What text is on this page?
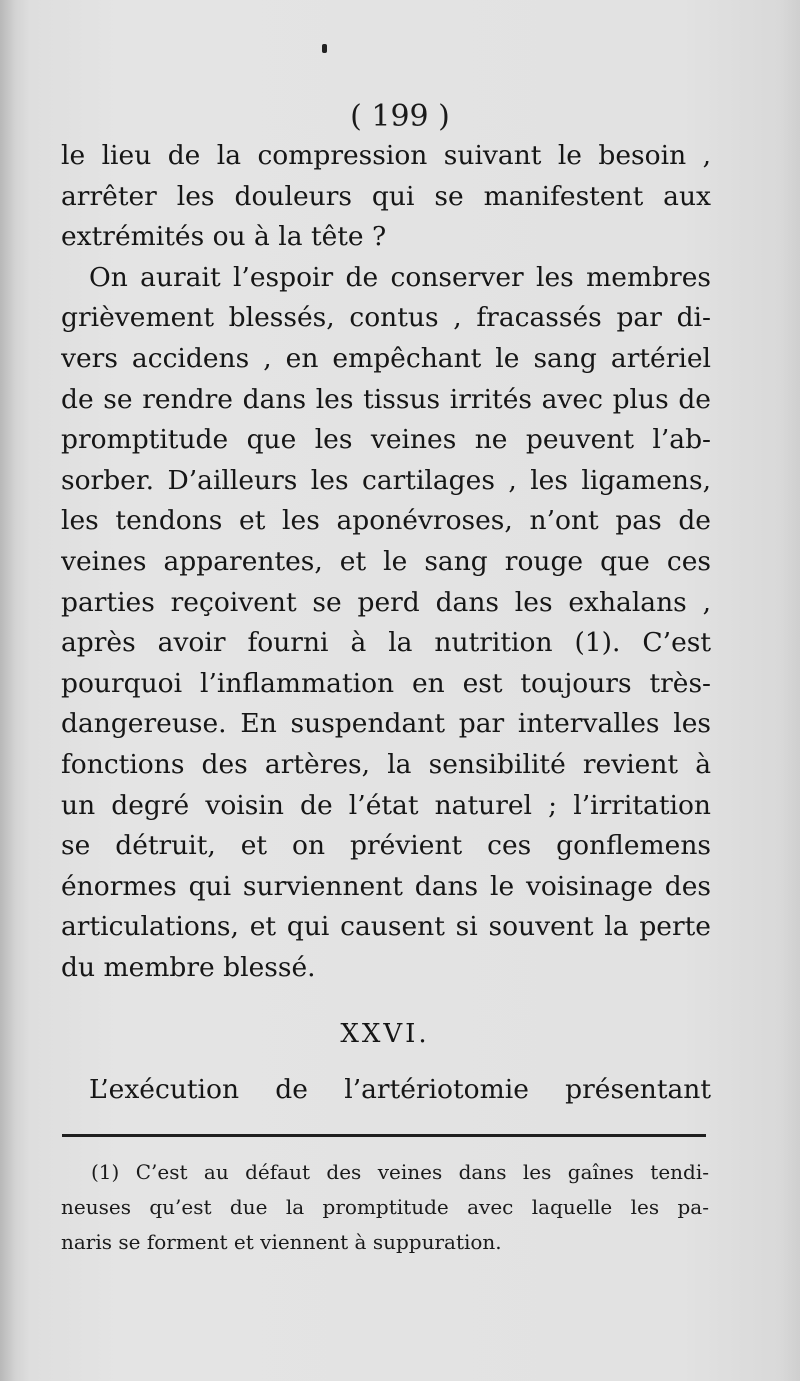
( 199 )

le lieu de la compression suivant le besoin ,
arrêter les douleurs qui se manifestent aux
extrémités ou à la tête ?
On aurait l’espoir de conserver les membres
grièvement blessés, contus , fracassés par di-
vers accidens , en empêchant le sang artériel
de se rendre dans les tissus irrités avec plus de
promptitude que les veines ne peuvent l’ab-
sorber. D’ailleurs les cartilages , les ligamens,
les tendons et les aponévroses, n’ont pas de
veines apparentes, et le sang rouge que ces
parties reçoivent se perd dans les exhalans ,
après avoir fourni à la nutrition (1). C’est
pourquoi l’inflammation en est toujours très-
dangereuse. En suspendant par intervalles les
fonctions des artères, la sensibilité revient à
un degré voisin de l’état naturel ; l’irritation
se détruit, et on prévient ces gonflemens
énormes qui surviennent dans le voisinage des
articulations, et qui causent si souvent la perte
du membre blessé.

XXVI.

L’exécution de l’artériotomie présentant

(1) C’est au défaut des veines dans les gaînes tendi-
neuses qu’est due la promptitude avec laquelle les pa-
naris se forment et viennent à suppuration.
